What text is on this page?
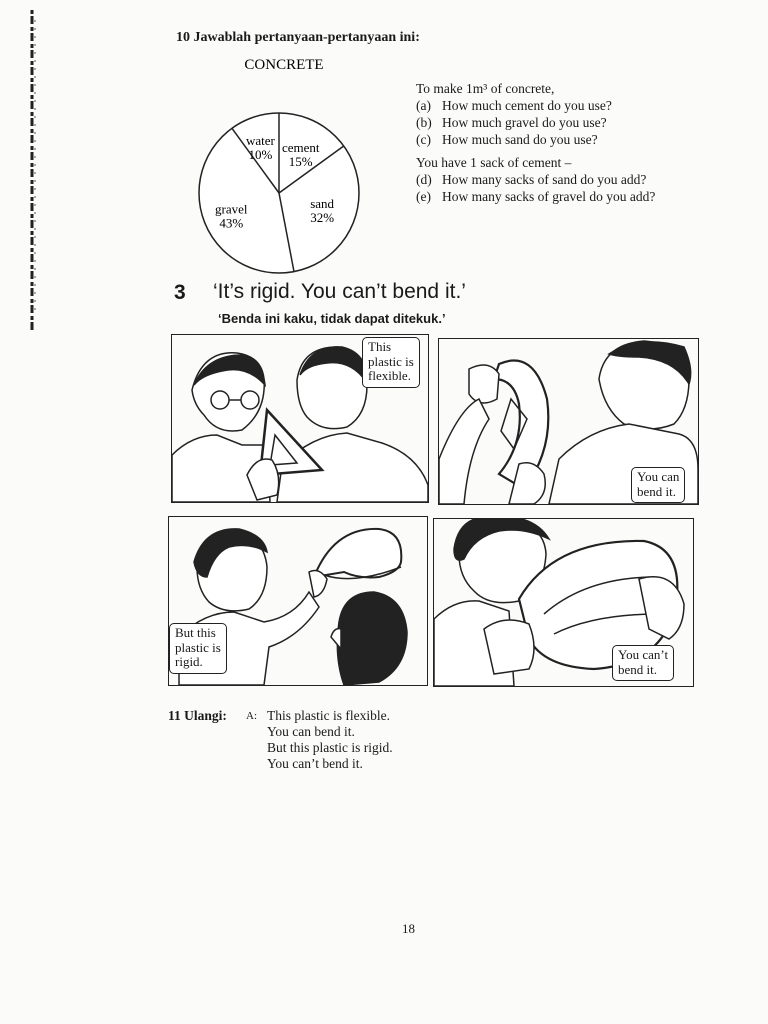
10 Jawablah pertanyaan-pertanyaan ini:
CONCRETE
water
10% cement
15%
sand
32%
gravel
43%
To make 1m³ of concrete,
(a) How much cement do you use?
(b) How much gravel do you use?
(c) How much sand do you use?
You have 1 sack of cement –
(d) How many sacks of sand do you add?
(e) How many sacks of gravel do you add?
3 ‘It’s rigid. You can’t bend it.’
‘Benda ini kaku, tidak dapat ditekuk.’
This
plastic is
flexible.
You can
bend it.
But this
plastic is
rigid.	You can’t
bend it.
11 Ulangi: A: This plastic is flexible.
You can bend it.
But this plastic is rigid.
You can’t bend it.
18
